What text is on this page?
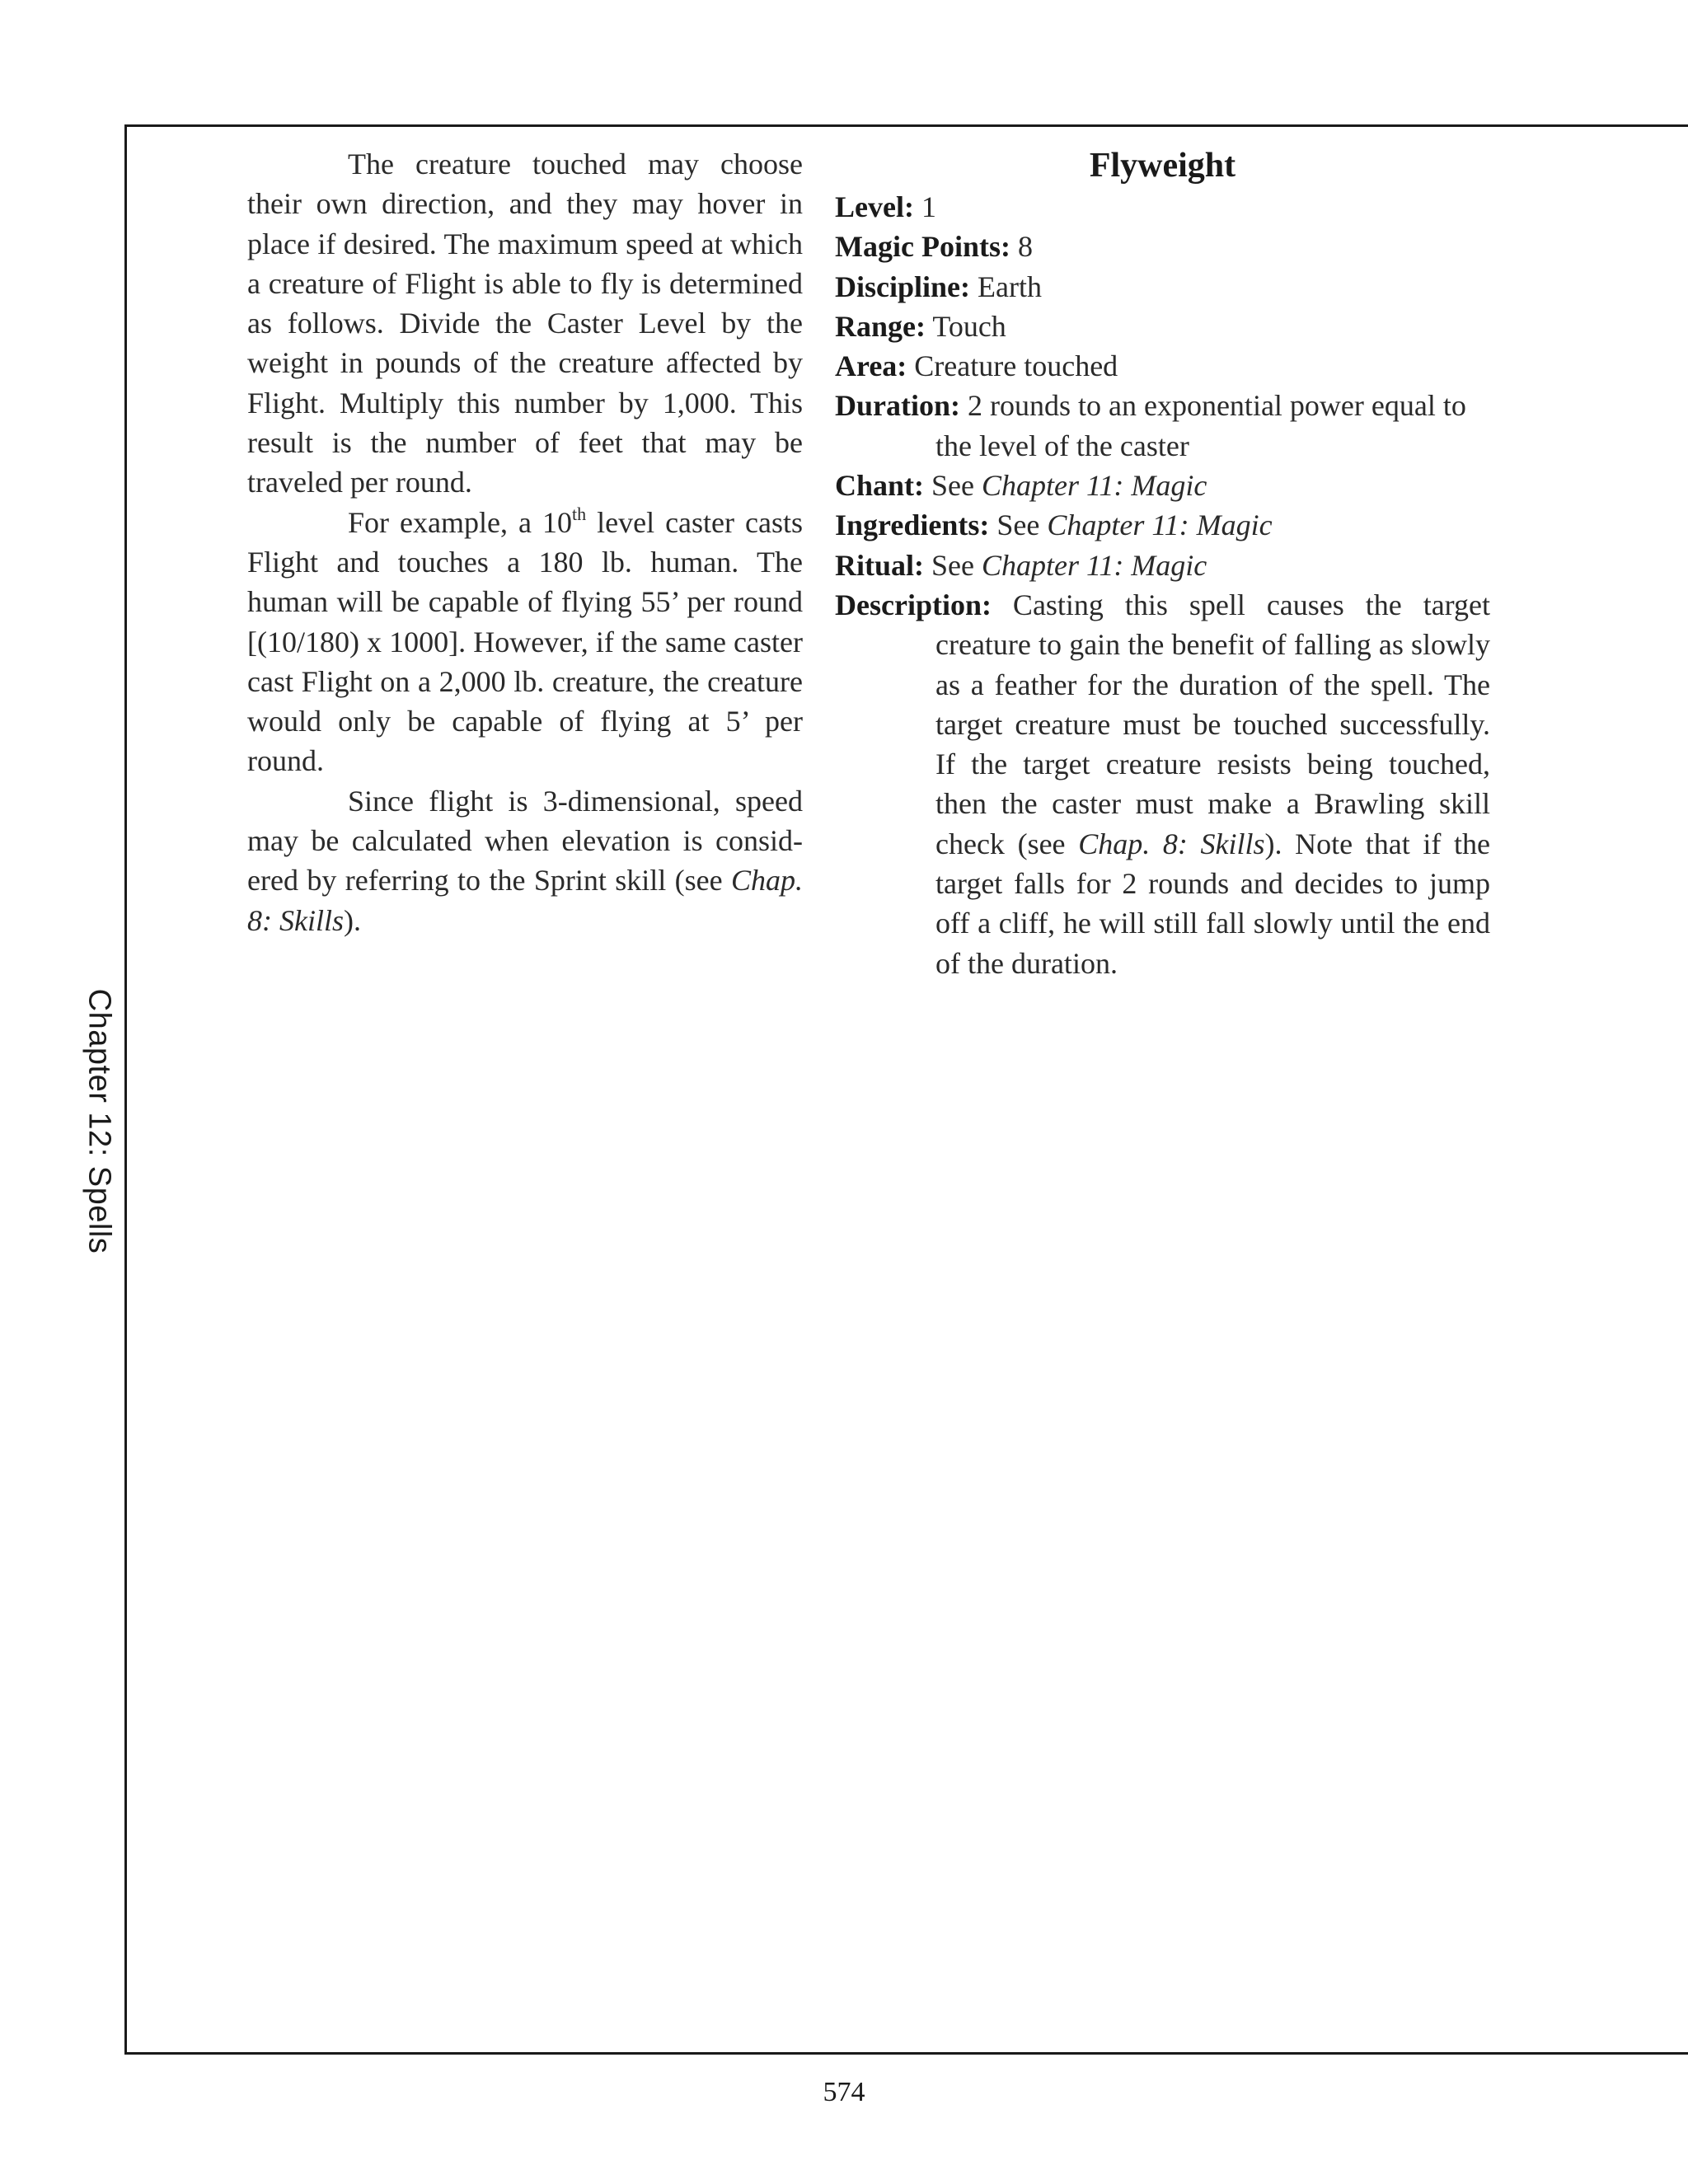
Chapter 12: Spells

The creature touched may choose their own direction, and they may hover in place if desired. The maximum speed at which a creature of Flight is able to fly is determined as follows. Divide the Caster Level by the weight in pounds of the creature affected by Flight. Multiply this number by 1,000. This result is the number of feet that may be traveled per round.

For example, a 10th level caster casts Flight and touches a 180 lb. human. The human will be capable of flying 55’ per round [(10/180) x 1000]. However, if the same caster cast Flight on a 2,000 lb. creature, the creature would only be capable of flying at 5’ per round.

Since flight is 3-dimensional, speed may be calculated when elevation is considered by referring to the Sprint skill (see Chap. 8: Skills).

Flyweight

Level: 1

Magic Points: 8

Discipline: Earth

Range: Touch

Area: Creature touched

Duration: 2 rounds to an exponential power equal to the level of the caster

Chant: See Chapter 11: Magic

Ingredients: See Chapter 11: Magic

Ritual: See Chapter 11: Magic

Description: Casting this spell causes the target creature to gain the benefit of falling as slowly as a feather for the duration of the spell. The target creature must be touched successfully. If the target creature resists being touched, then the caster must make a Brawling skill check (see Chap. 8: Skills). Note that if the target falls for 2 rounds and decides to jump off a cliff, he will still fall slowly until the end of the duration.

574
